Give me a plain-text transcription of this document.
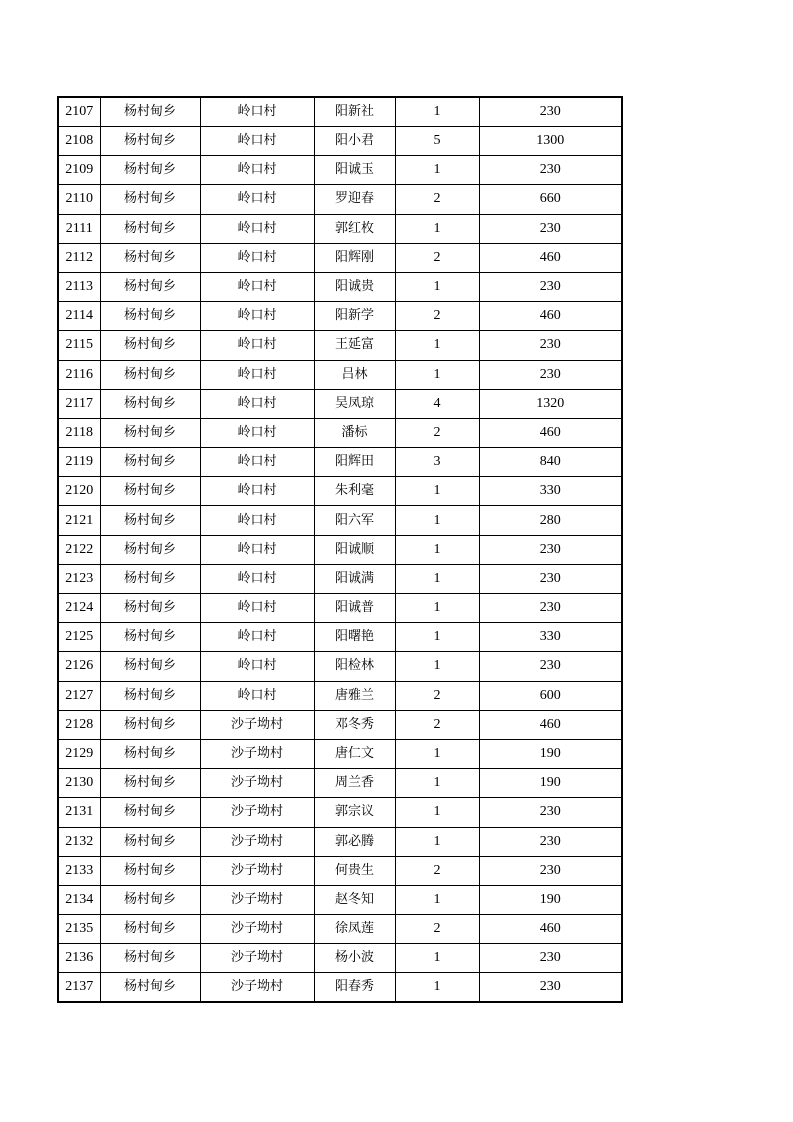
2107	杨村甸乡	岭口村	阳新社	1	230
2108	杨村甸乡	岭口村	阳小君	5	1300
2109	杨村甸乡	岭口村	阳诚玉	1	230
2110	杨村甸乡	岭口村	罗迎春	2	660
2111	杨村甸乡	岭口村	郭红枚	1	230
2112	杨村甸乡	岭口村	阳辉刚	2	460
2113	杨村甸乡	岭口村	阳诚贵	1	230
2114	杨村甸乡	岭口村	阳新学	2	460
2115	杨村甸乡	岭口村	王延富	1	230
2116	杨村甸乡	岭口村	吕林	1	230
2117	杨村甸乡	岭口村	吴凤琼	4	1320
2118	杨村甸乡	岭口村	潘标	2	460
2119	杨村甸乡	岭口村	阳辉田	3	840
2120	杨村甸乡	岭口村	朱利毫	1	330
2121	杨村甸乡	岭口村	阳六军	1	280
2122	杨村甸乡	岭口村	阳诚顺	1	230
2123	杨村甸乡	岭口村	阳诚满	1	230
2124	杨村甸乡	岭口村	阳诚普	1	230
2125	杨村甸乡	岭口村	阳曙艳	1	330
2126	杨村甸乡	岭口村	阳检林	1	230
2127	杨村甸乡	岭口村	唐雅兰	2	600
2128	杨村甸乡	沙子坳村	邓冬秀	2	460
2129	杨村甸乡	沙子坳村	唐仁文	1	190
2130	杨村甸乡	沙子坳村	周兰香	1	190
2131	杨村甸乡	沙子坳村	郭宗议	1	230
2132	杨村甸乡	沙子坳村	郭必腾	1	230
2133	杨村甸乡	沙子坳村	何贵生	2	230
2134	杨村甸乡	沙子坳村	赵冬知	1	190
2135	杨村甸乡	沙子坳村	徐凤莲	2	460
2136	杨村甸乡	沙子坳村	杨小波	1	230
2137	杨村甸乡	沙子坳村	阳春秀	1	230
